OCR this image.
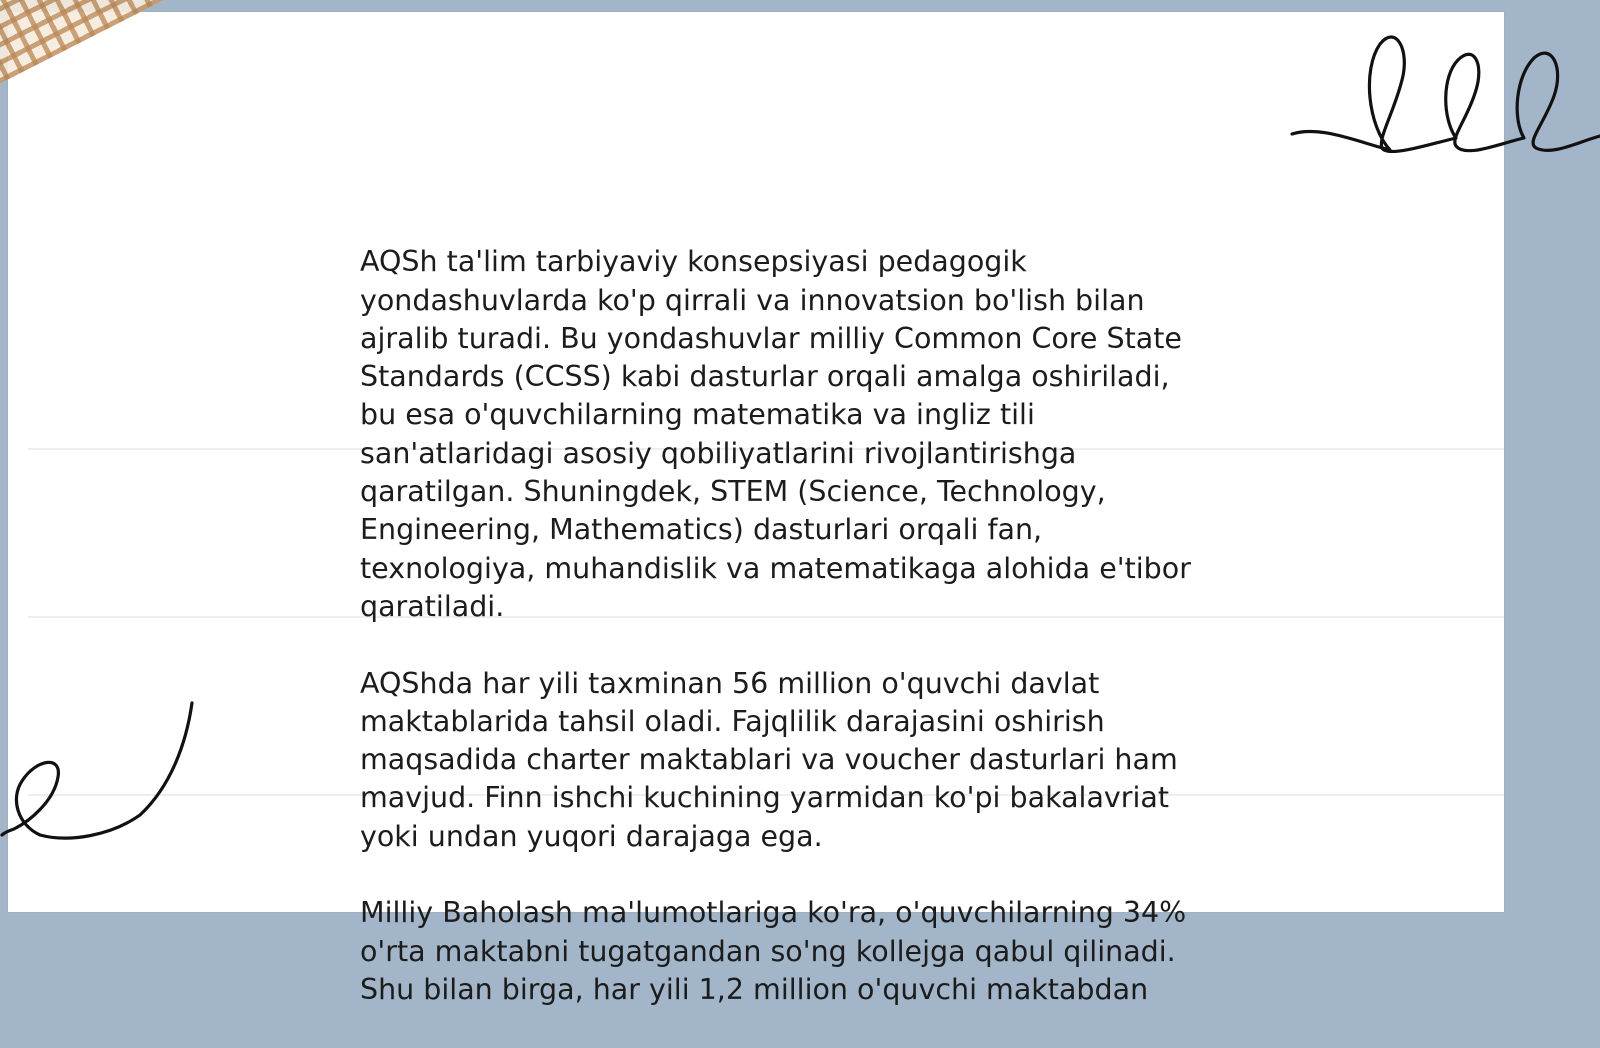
AQSh ta'lim tarbiyaviy konsepsiyasi pedagogik
yondashuvlarda ko'p qirrali va innovatsion bo'lish bilan
ajralib turadi. Bu yondashuvlar milliy Common Core State
Standards (CCSS) kabi dasturlar orqali amalga oshiriladi,
bu esa o'quvchilarning matematika va ingliz tili
san'atlaridagi asosiy qobiliyatlarini rivojlantirishga
qaratilgan. Shuningdek, STEM (Science, Technology,
Engineering, Mathematics) dasturlari orqali fan,
texnologiya, muhandislik va matematikaga alohida e'tibor
qaratiladi.

AQShda har yili taxminan 56 million o'quvchi davlat
maktablarida tahsil oladi. Fajqlilik darajasini oshirish
maqsadida charter maktablari va voucher dasturlari ham
mavjud. Finn ishchi kuchining yarmidan ko'pi bakalavriat
yoki undan yuqori darajaga ega.

Milliy Baholash ma'lumotlariga ko'ra, o'quvchilarning 34%
o'rta maktabni tugatgandan so'ng kollejga qabul qilinadi.
Shu bilan birga, har yili 1,2 million o'quvchi maktabdan
